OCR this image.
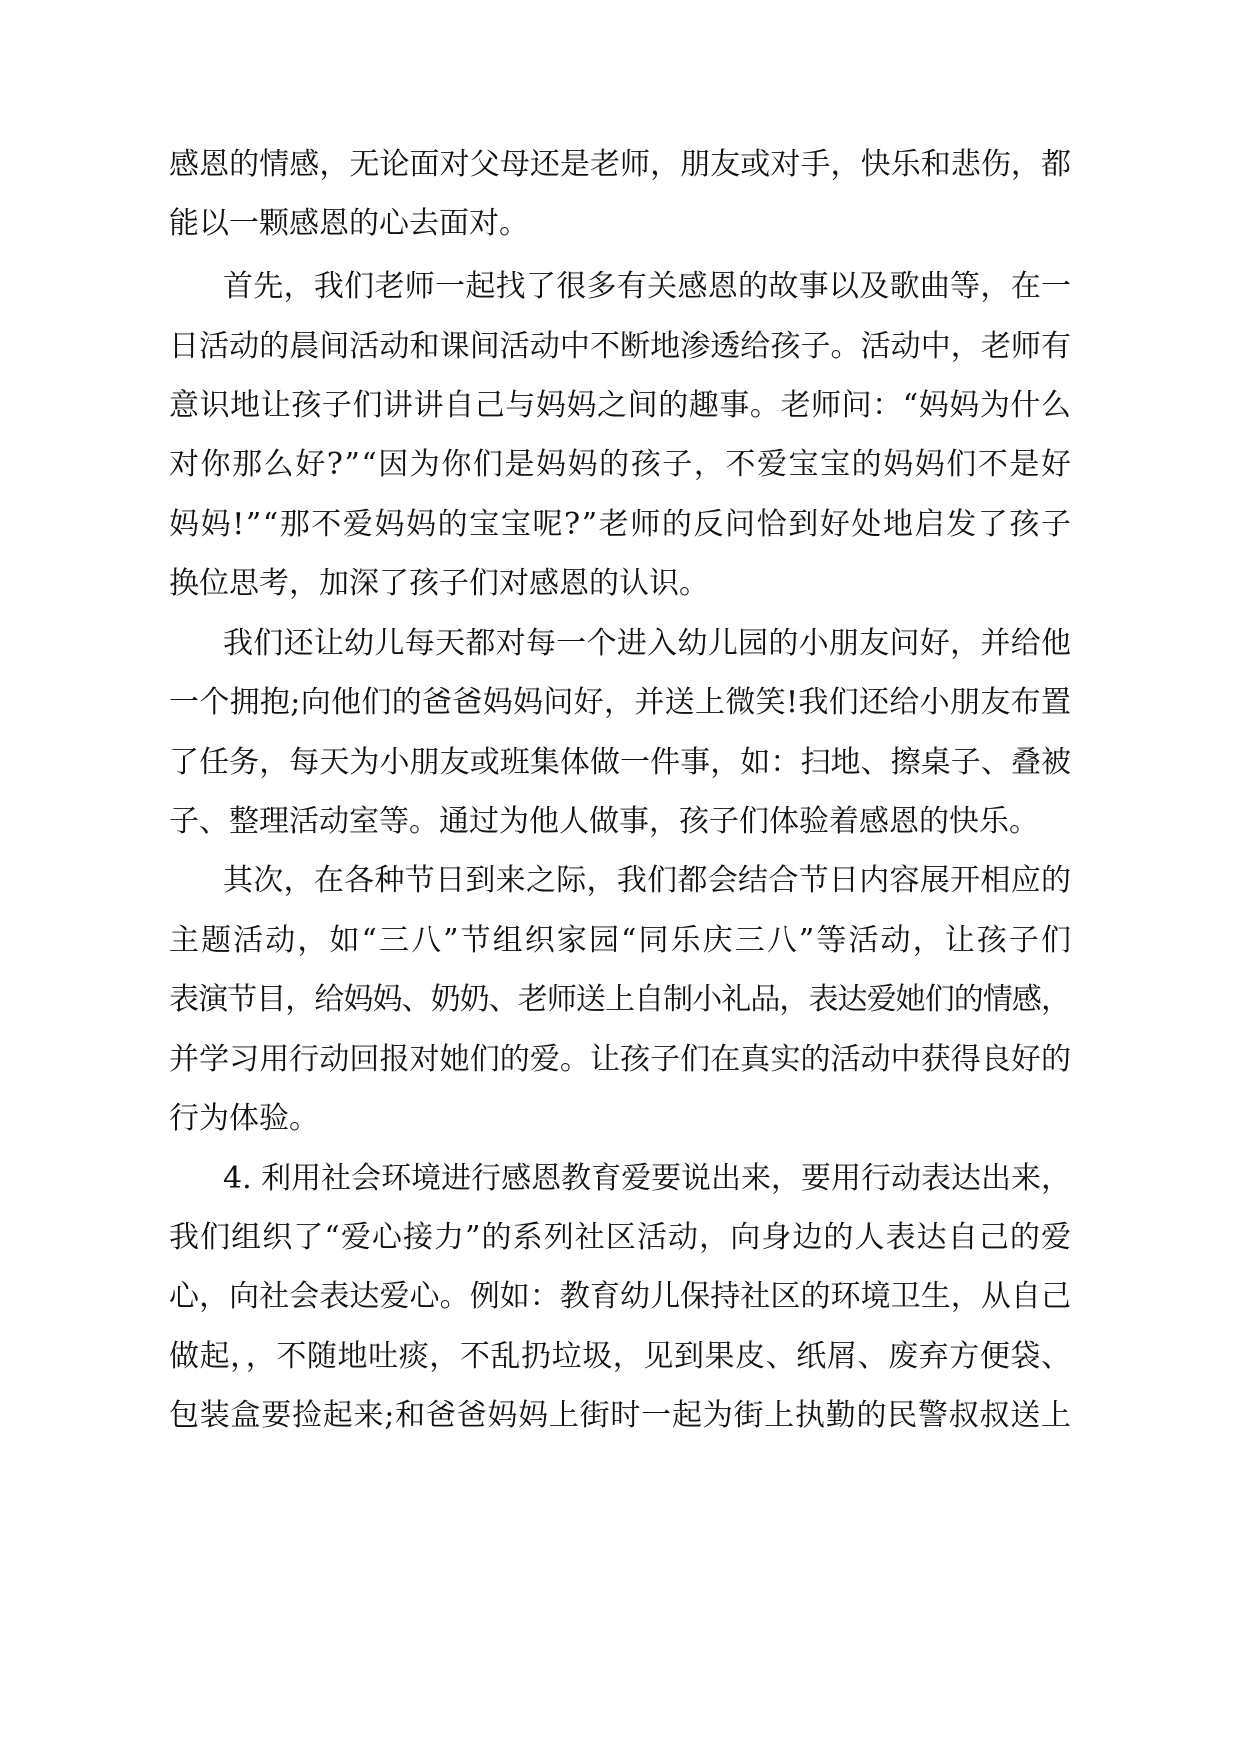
感恩的情感，无论面对父母还是老师，朋友或对手，快乐和悲伤，都
能以一颗感恩的心去面对。
首先，我们老师一起找了很多有关感恩的故事以及歌曲等，在一
日活动的晨间活动和课间活动中不断地渗透给孩子。活动中，老师有
意识地让孩子们讲讲自己与妈妈之间的趣事。老师问：“妈妈为什么
对你那么好?”“因为你们是妈妈的孩子，不爱宝宝的妈妈们不是好
妈妈!”“那不爱妈妈的宝宝呢?”老师的反问恰到好处地启发了孩子
换位思考，加深了孩子们对感恩的认识。
我们还让幼儿每天都对每一个进入幼儿园的小朋友问好，并给他
一个拥抱;向他们的爸爸妈妈问好，并送上微笑!我们还给小朋友布置
了任务，每天为小朋友或班集体做一件事，如：扫地、擦桌子、叠被
子、整理活动室等。通过为他人做事，孩子们体验着感恩的快乐。
其次，在各种节日到来之际，我们都会结合节日内容展开相应的
主题活动，如“三八”节组织家园“同乐庆三八”等活动，让孩子们
表演节目，给妈妈、奶奶、老师送上自制小礼品，表达爱她们的情感，
并学习用行动回报对她们的爱。让孩子们在真实的活动中获得良好的
行为体验。
4. 利用社会环境进行感恩教育爱要说出来，要用行动表达出来，
我们组织了“爱心接力”的系列社区活动，向身边的人表达自己的爱
心，向社会表达爱心。例如：教育幼儿保持社区的环境卫生，从自己
做起，，不随地吐痰，不乱扔垃圾，见到果皮、纸屑、废弃方便袋、
包装盒要捡起来;和爸爸妈妈上街时一起为街上执勤的民警叔叔送上
